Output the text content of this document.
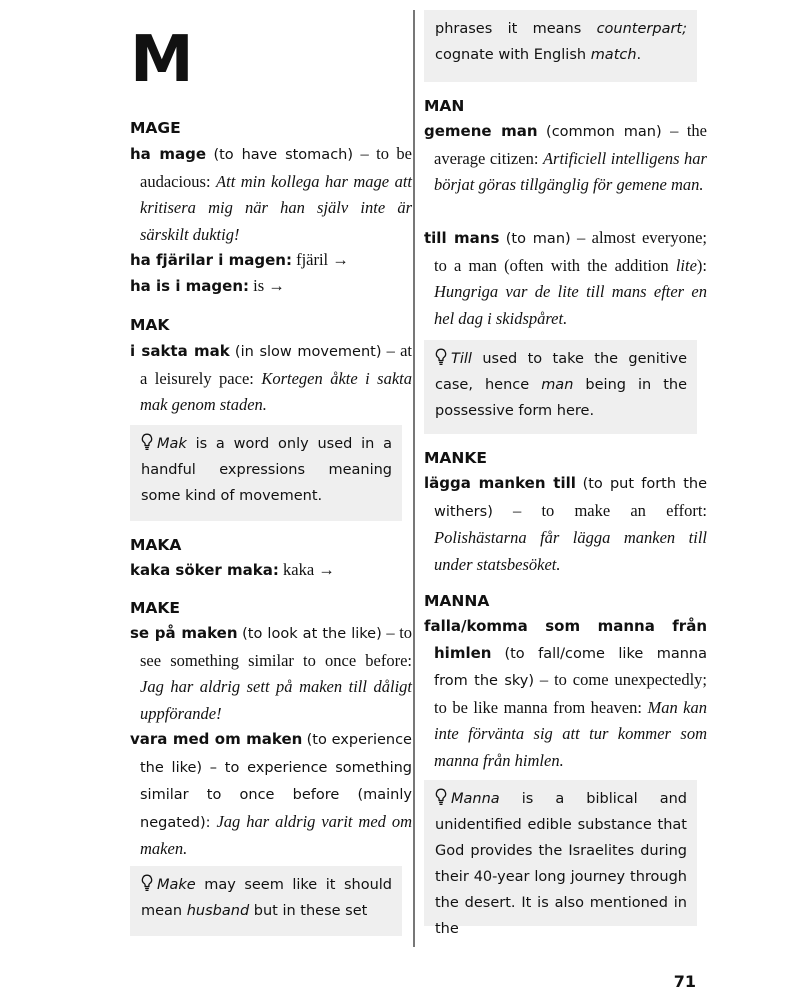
M
MAGE
ha mage (to have stomach) – to be audacious: Att min kollega har mage att kritisera mig när han själv inte är särskilt duktig!
ha fjärilar i magen: fjäril →
ha is i magen: is →
MAK
i sakta mak (in slow movement) – at a leisurely pace: Kortegen åkte i sakta mak genom staden.
Mak is a word only used in a handful expressions meaning some kind of movement.
MAKA
kaka söker maka: kaka →
MAKE
se på maken (to look at the like) – to see something similar to once before: Jag har aldrig sett på maken till dåligt uppförande!
vara med om maken (to experience the like) – to experience something similar to once before (mainly negated): Jag har aldrig varit med om maken.
Make may seem like it should mean husband but in these set
phrases it means counterpart; cognate with English match.
MAN
gemene man (common man) – the average citizen: Artificiell intelligens har börjat göras tillgänglig för gemene man.
till mans (to man) – almost everyone; to a man (often with the addition lite): Hungriga var de lite till mans efter en hel dag i skidspåret.
Till used to take the genitive case, hence man being in the possessive form here.
MANKE
lägga manken till (to put forth the withers) – to make an effort: Polishästarna får lägga manken till under statsbesöket.
MANNA
falla/komma som manna från himlen (to fall/come like manna from the sky) – to come unexpectedly; to be like manna from heaven: Man kan inte förvänta sig att tur kommer som manna från himlen.
Manna is a biblical and unidentified edible substance that God provides the Israelites during their 40-year long journey through the desert. It is also mentioned in the
71
